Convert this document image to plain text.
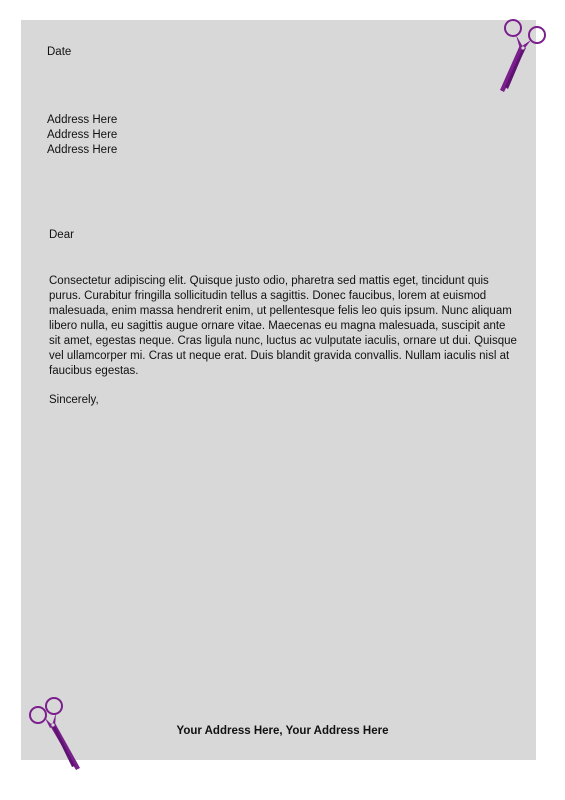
Date
Address Here
Address Here
Address Here
Dear

Consectetur adipiscing elit. Quisque justo odio, pharetra sed mattis eget, tincidunt quis purus. Curabitur fringilla sollicitudin tellus a sagittis. Donec faucibus, lorem at euismod malesuada, enim massa hendrerit enim, ut pellentesque felis leo quis ipsum. Nunc aliquam libero nulla, eu sagittis augue ornare vitae. Maecenas eu magna malesuada, suscipit ante sit amet, egestas neque. Cras ligula nunc, luctus ac vulputate iaculis, ornare ut dui. Quisque vel ullamcorper mi. Cras ut neque erat. Duis blandit gravida convallis. Nullam iaculis nisl at faucibus egestas.

Sincerely,
Your Address Here, Your Address Here
